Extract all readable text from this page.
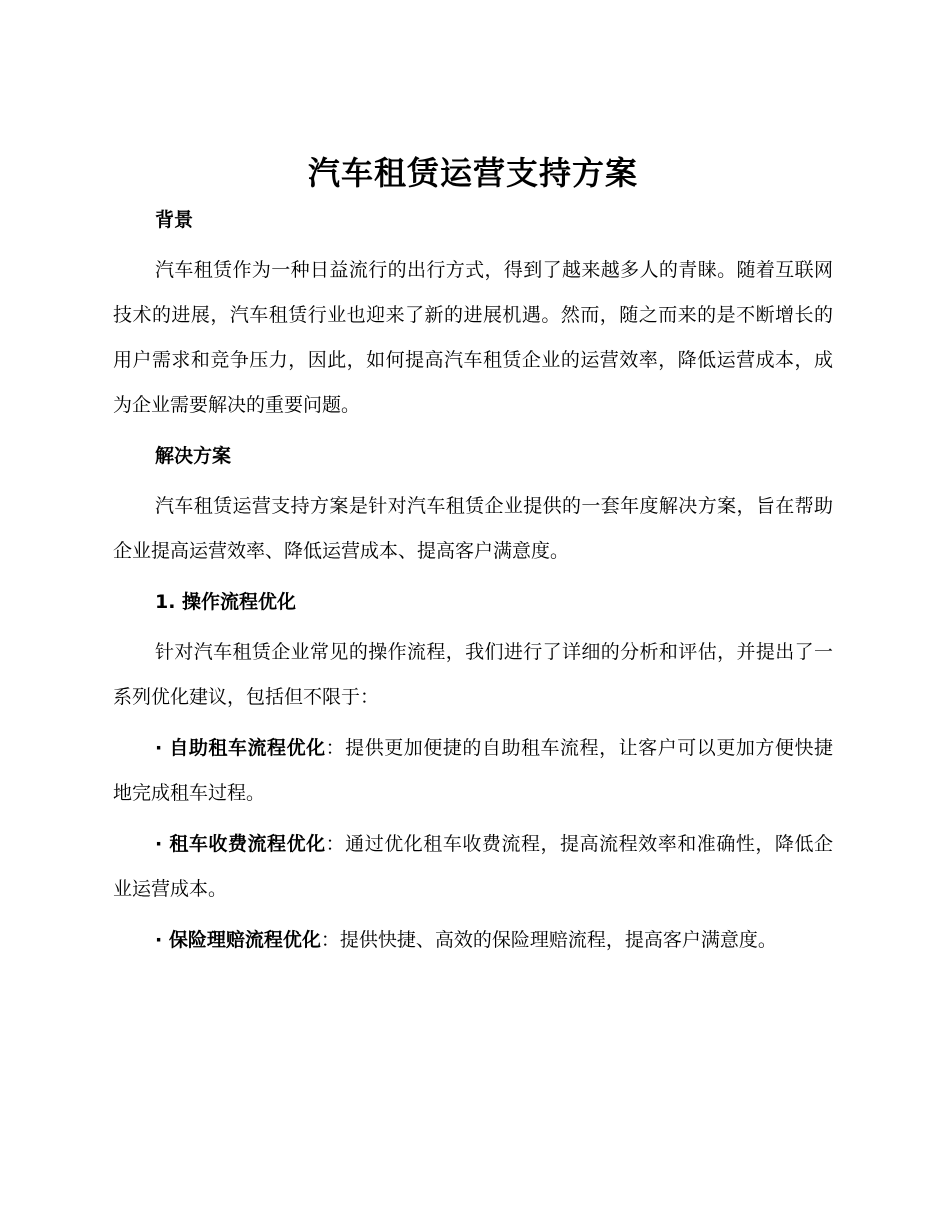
汽车租赁运营支持方案
背景

汽车租赁作为一种日益流行的出行方式，得到了越来越多人的青睐。随着互联网技术的进展，汽车租赁行业也迎来了新的进展机遇。然而，随之而来的是不断增长的用户需求和竞争压力，因此，如何提高汽车租赁企业的运营效率，降低运营成本，成为企业需要解决的重要问题。

解决方案

汽车租赁运营支持方案是针对汽车租赁企业提供的一套年度解决方案，旨在帮助企业提高运营效率、降低运营成本、提高客户满意度。

1. 操作流程优化

针对汽车租赁企业常见的操作流程，我们进行了详细的分析和评估，并提出了一系列优化建议，包括但不限于：

· 自助租车流程优化：提供更加便捷的自助租车流程，让客户可以更加方便快捷地完成租车过程。

· 租车收费流程优化：通过优化租车收费流程，提高流程效率和准确性，降低企业运营成本。

· 保险理赔流程优化：提供快捷、高效的保险理赔流程，提高客户满意度。
